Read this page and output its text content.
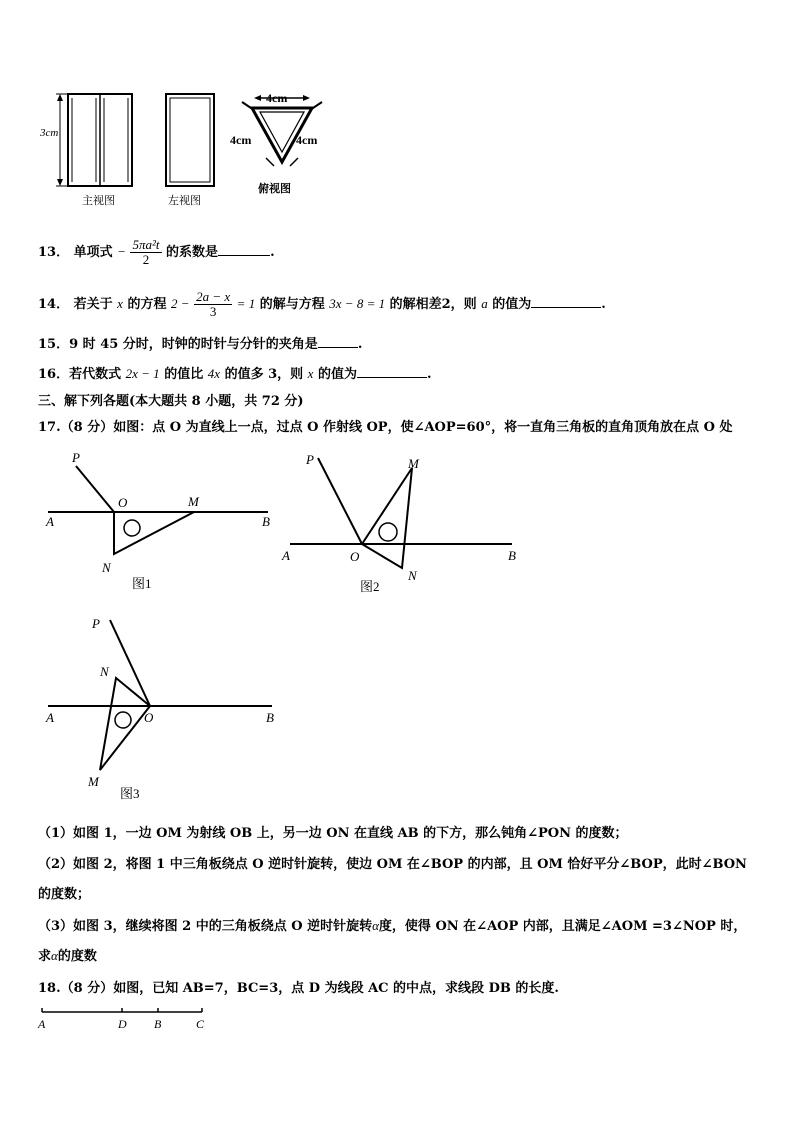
3cm
主视图	左视图
4cm
4cm	4cm
俯视图
13． 单项式 − $\frac{\text{5πa²t}}{2}$ 的系数是	.
14． 若关于 x 的方程 $2 - \frac{2a - x}{3} = 1$ 的解与方程 3x − 8 = 1 的解相差2，则 a 的值为	.
15．9 时 45 分时，时钟的时针与分针的夹角是	.
16．若代数式 2x − 1 的值比 4x 的值多 3，则 x 的值为	.
三、解下列各题(本大题共 8 小题，共 72 分)
17.（8 分）如图：点 O 为直线上一点，过点 O 作射线 OP，使∠AOP=60°，将一直角三角板的直角顶角放在点 O 处
P
O	M
A	B
N
图1
P	M
A	O	B
N
图2
P
N
A	O	B
M
图3
（1）如图 1，一边 OM 为射线 OB 上，另一边 ON 在直线 AB 的下方，那么钝角∠PON 的度数；
（2）如图 2，将图 1 中三角板绕点 O 逆时针旋转，使边 OM 在∠BOP 的内部，且 OM 恰好平分∠BOP，此时∠BON
的度数；
（3）如图 3，继续将图 2 中的三角板绕点 O 逆时针旋转α度，使得 ON 在∠AOP 内部，且满足∠AOM =3∠NOP 时，
求α的度数
18.（8 分）如图，已知 AB=7，BC=3，点 D 为线段 AC 的中点，求线段 DB 的长度.
A	D B	C
